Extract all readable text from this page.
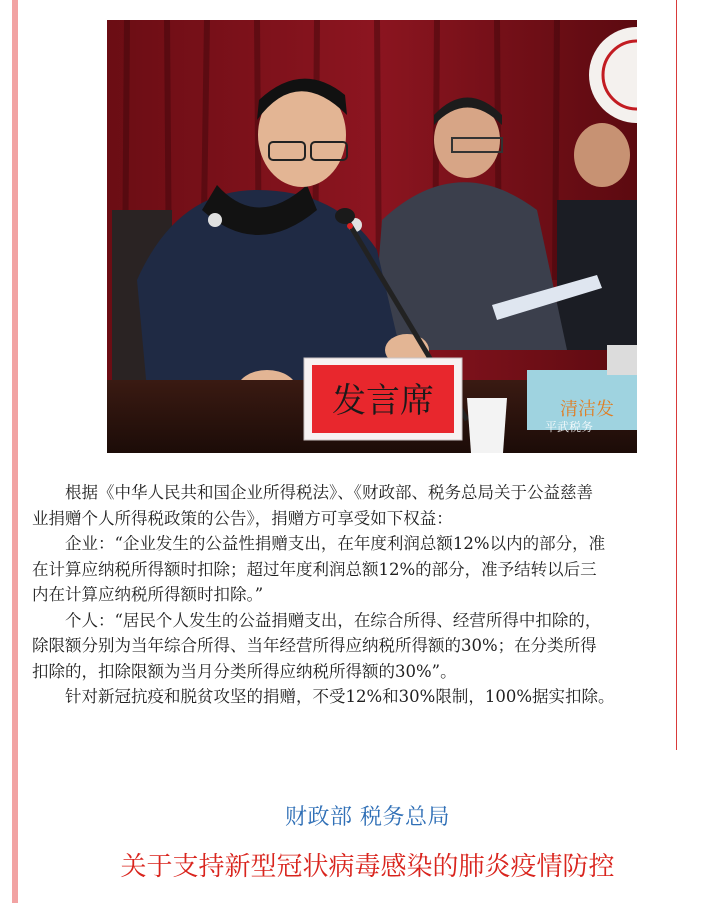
发言席	清洁发
平武税务
根据《中华人民共和国企业所得税法》、《财政部、税务总局关于公益慈善
业捐赠个人所得税政策的公告》，捐赠方可享受如下权益：
企业：“企业发生的公益性捐赠支出，在年度利润总额12%以内的部分，准
在计算应纳税所得额时扣除；超过年度利润总额12%的部分，准予结转以后三
内在计算应纳税所得额时扣除。”
个人：“居民个人发生的公益捐赠支出，在综合所得、经营所得中扣除的，
除限额分别为当年综合所得、当年经营所得应纳税所得额的30%；在分类所得
扣除的，扣除限额为当月分类所得应纳税所得额的30%”。
针对新冠抗疫和脱贫攻坚的捐赠，不受12%和30%限制，100%据实扣除。
财政部 税务总局
关于支持新型冠状病毒感染的肺炎疫情防控
